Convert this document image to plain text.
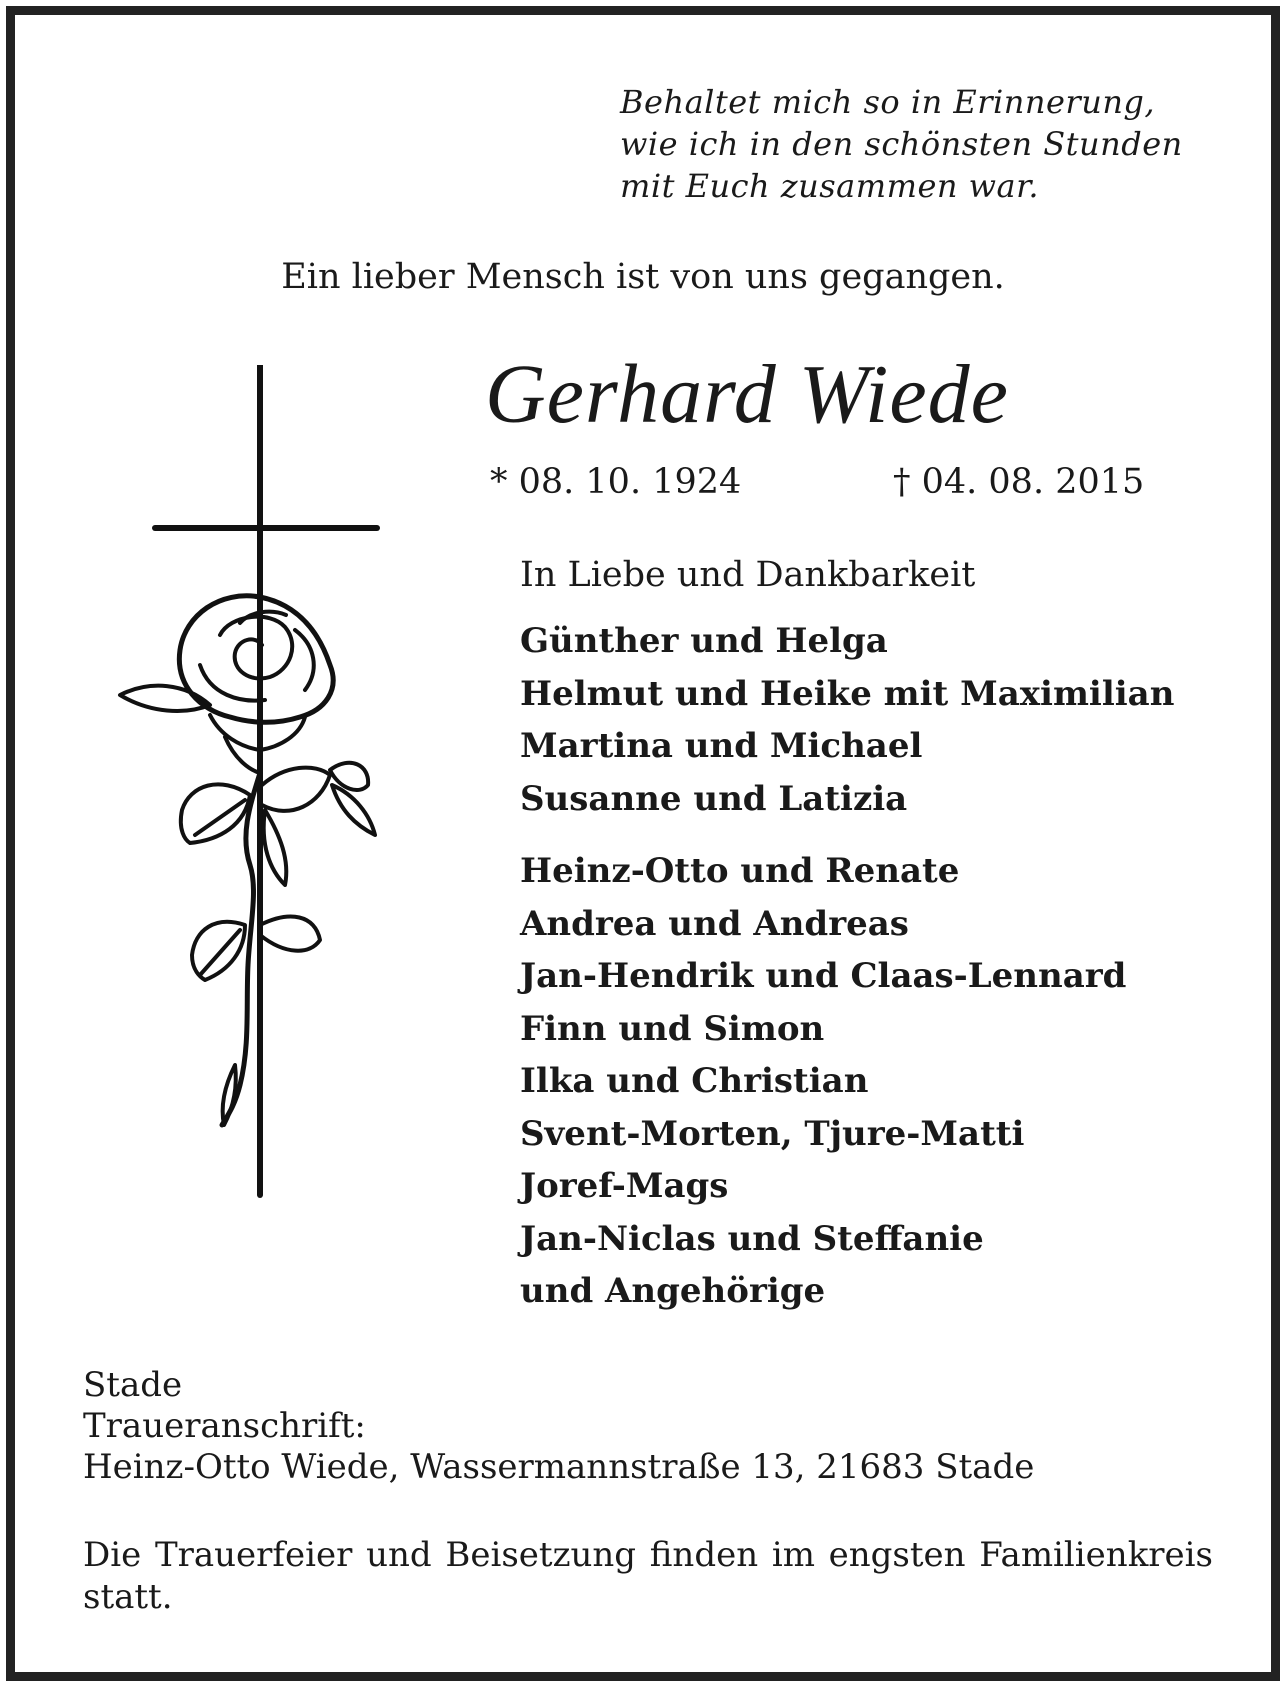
Behaltet mich so in Erinnerung,
wie ich in den schönsten Stunden
mit Euch zusammen war.
Ein lieber Mensch ist von uns gegangen.
Gerhard Wiede
* 08. 10. 1924	† 04. 08. 2015
In Liebe und Dankbarkeit
Günther und Helga
Helmut und Heike mit Maximilian
Martina und Michael
Susanne und Latizia
Heinz-Otto und Renate
Andrea und Andreas
Jan-Hendrik und Claas-Lennard
Finn und Simon
Ilka und Christian
Svent-Morten, Tjure-Matti
Joref-Mags
Jan-Niclas und Steffanie
und Angehörige
Stade
Traueranschrift:
Heinz-Otto Wiede, Wassermannstraße 13, 21683 Stade
Die Trauerfeier und Beisetzung finden im engsten Familienkreis statt.
